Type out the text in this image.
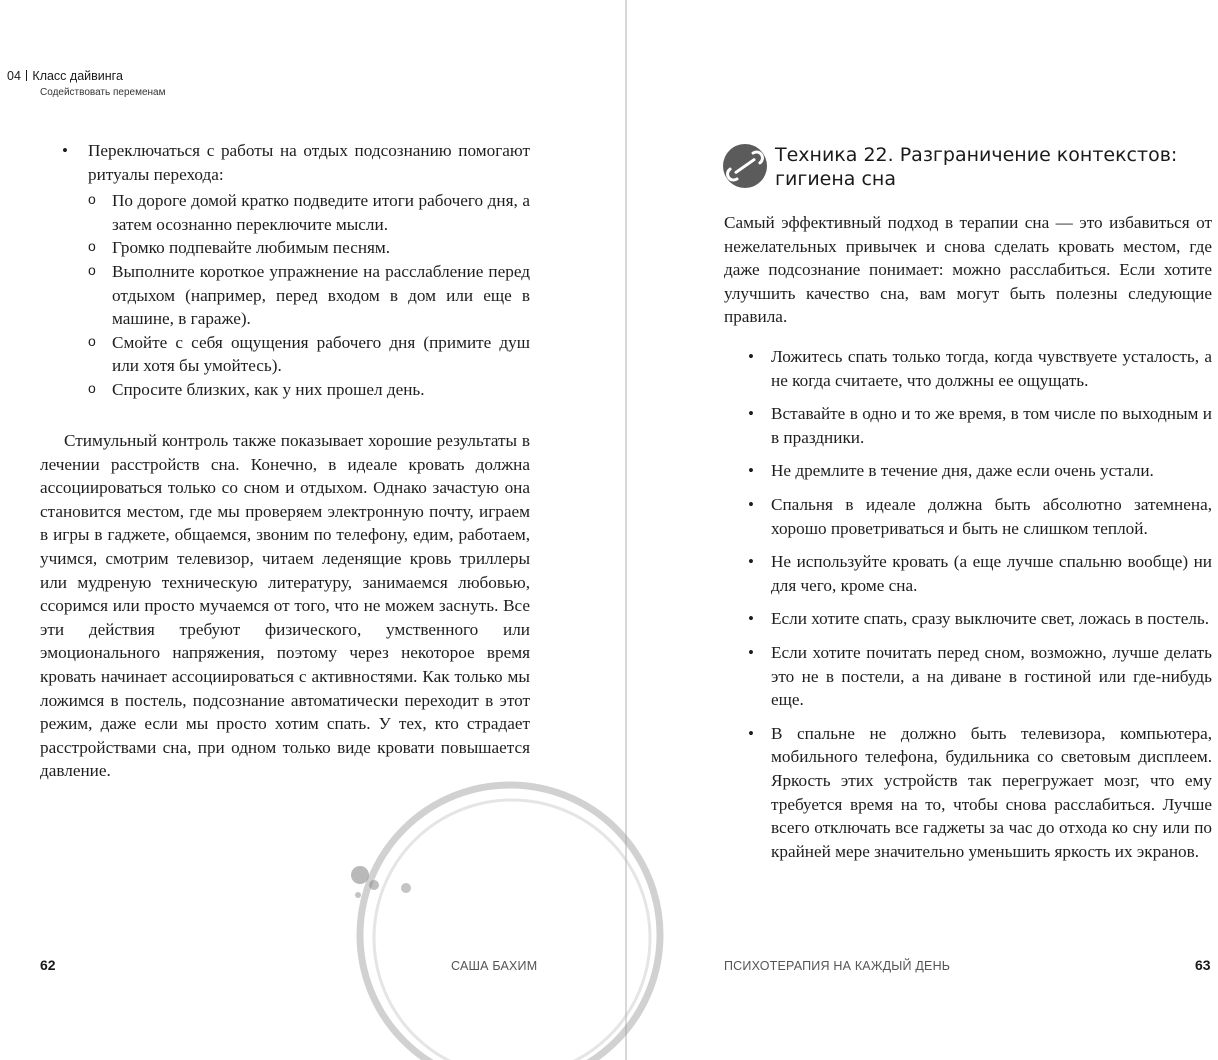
04 Класс дайвинга
Содействовать переменам
• Переключаться с работы на отдых подсознанию помогают ритуалы перехода:
o По дороге домой кратко подведите итоги рабочего дня, а затем осознанно переключите мысли.
o Громко подпевайте любимым песням.
o Выполните короткое упражнение на расслабление перед отдыхом (например, перед входом в дом или еще в машине, в гараже).
o Смойте с себя ощущения рабочего дня (примите душ или хотя бы умойтесь).
o Спросите близких, как у них прошел день.

Стимульный контроль также показывает хорошие результаты в лечении расстройств сна. Конечно, в идеале кровать должна ассоциироваться только со сном и отдыхом. Однако зачастую она становится местом, где мы проверяем электронную почту, играем в игры в гаджете, общаемся, звоним по телефону, едим, работаем, учимся, смотрим телевизор, читаем леденящие кровь триллеры или мудреную техническую литературу, занимаемся любовью, ссоримся или просто мучаемся от того, что не можем заснуть. Все эти действия требуют физического, умственного или эмоционального напряжения, поэтому через некоторое время кровать начинает ассоциироваться с активностями. Как только мы ложимся в постель, подсознание автоматически переходит в этот режим, даже если мы просто хотим спать. У тех, кто страдает расстройствами сна, при одном только виде кровати повышается давление.

62	САША БАХИМ
Техника 22. Разграничение контекстов:
гигиена сна

Самый эффективный подход в терапии сна — это избавиться от нежелательных привычек и снова сделать кровать местом, где даже подсознание понимает: можно расслабиться. Если хотите улучшить качество сна, вам могут быть полезны следующие правила.

• Ложитесь спать только тогда, когда чувствуете усталость, а не когда считаете, что должны ее ощущать.
• Вставайте в одно и то же время, в том числе по выходным и в праздники.
• Не дремлите в течение дня, даже если очень устали.
• Спальня в идеале должна быть абсолютно затемнена, хорошо проветриваться и быть не слишком теплой.
• Не используйте кровать (а еще лучше спальню вообще) ни для чего, кроме сна.
• Если хотите спать, сразу выключите свет, ложась в постель.
• Если хотите почитать перед сном, возможно, лучше делать это не в постели, а на диване в гостиной или где-нибудь еще.
• В спальне не должно быть телевизора, компьютера, мобильного телефона, будильника со световым дисплеем. Яркость этих устройств так перегружает мозг, что ему требуется время на то, чтобы снова расслабиться. Лучше всего отключать все гаджеты за час до отхода ко сну или по крайней мере значительно уменьшить яркость их экранов.
ПСИХОТЕРАПИЯ НА КАЖДЫЙ ДЕНЬ	63
